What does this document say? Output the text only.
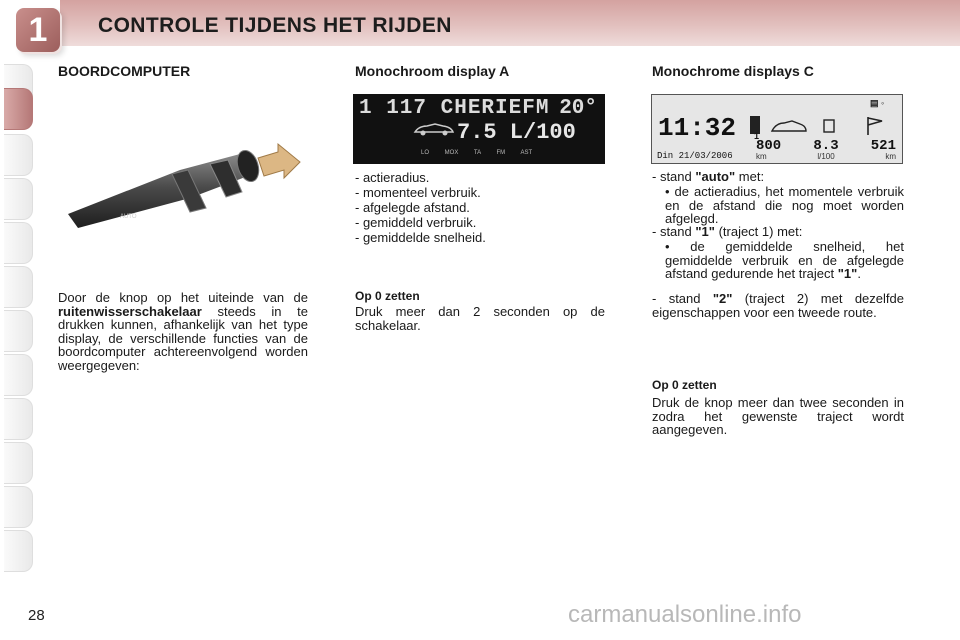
1	CONTROLE TIJDENS HET RIJDEN
BOORDCOMPUTER
AUTO
Door de knop op het uiteinde van de ruitenwisserschakelaar steeds in te drukken kunnen, afhankelijk van het type display, de verschillende functies van de boordcomputer achtereenvolgend worden weergegeven:
Monochroom display A
1 117 CHERIEFM 20°
7.5 L/100
LO MOX TA FM AST
- actieradius.
- momenteel verbruik.
- afgelegde afstand.
- gemiddeld verbruik.
- gemiddelde snelheid.
Op 0 zetten
Druk meer dan 2 seconden op de schakelaar.
Monochrome displays C
▤ ◦
11:32
Din 21/03/2006
1
800 8.3 521
km	l/100	km
- stand "auto" met:
• de actieradius, het momentele verbruik en de afstand die nog moet worden afgelegd.
- stand "1" (traject 1) met:
• de gemiddelde snelheid, het gemiddelde verbruik en de afgelegde afstand gedurende het traject "1".
- stand "2" (traject 2) met dezelfde eigenschappen voor een tweede route.
Op 0 zetten
Druk de knop meer dan twee seconden in zodra het gewenste traject wordt aangegeven.
28	carmanualsonline.info
